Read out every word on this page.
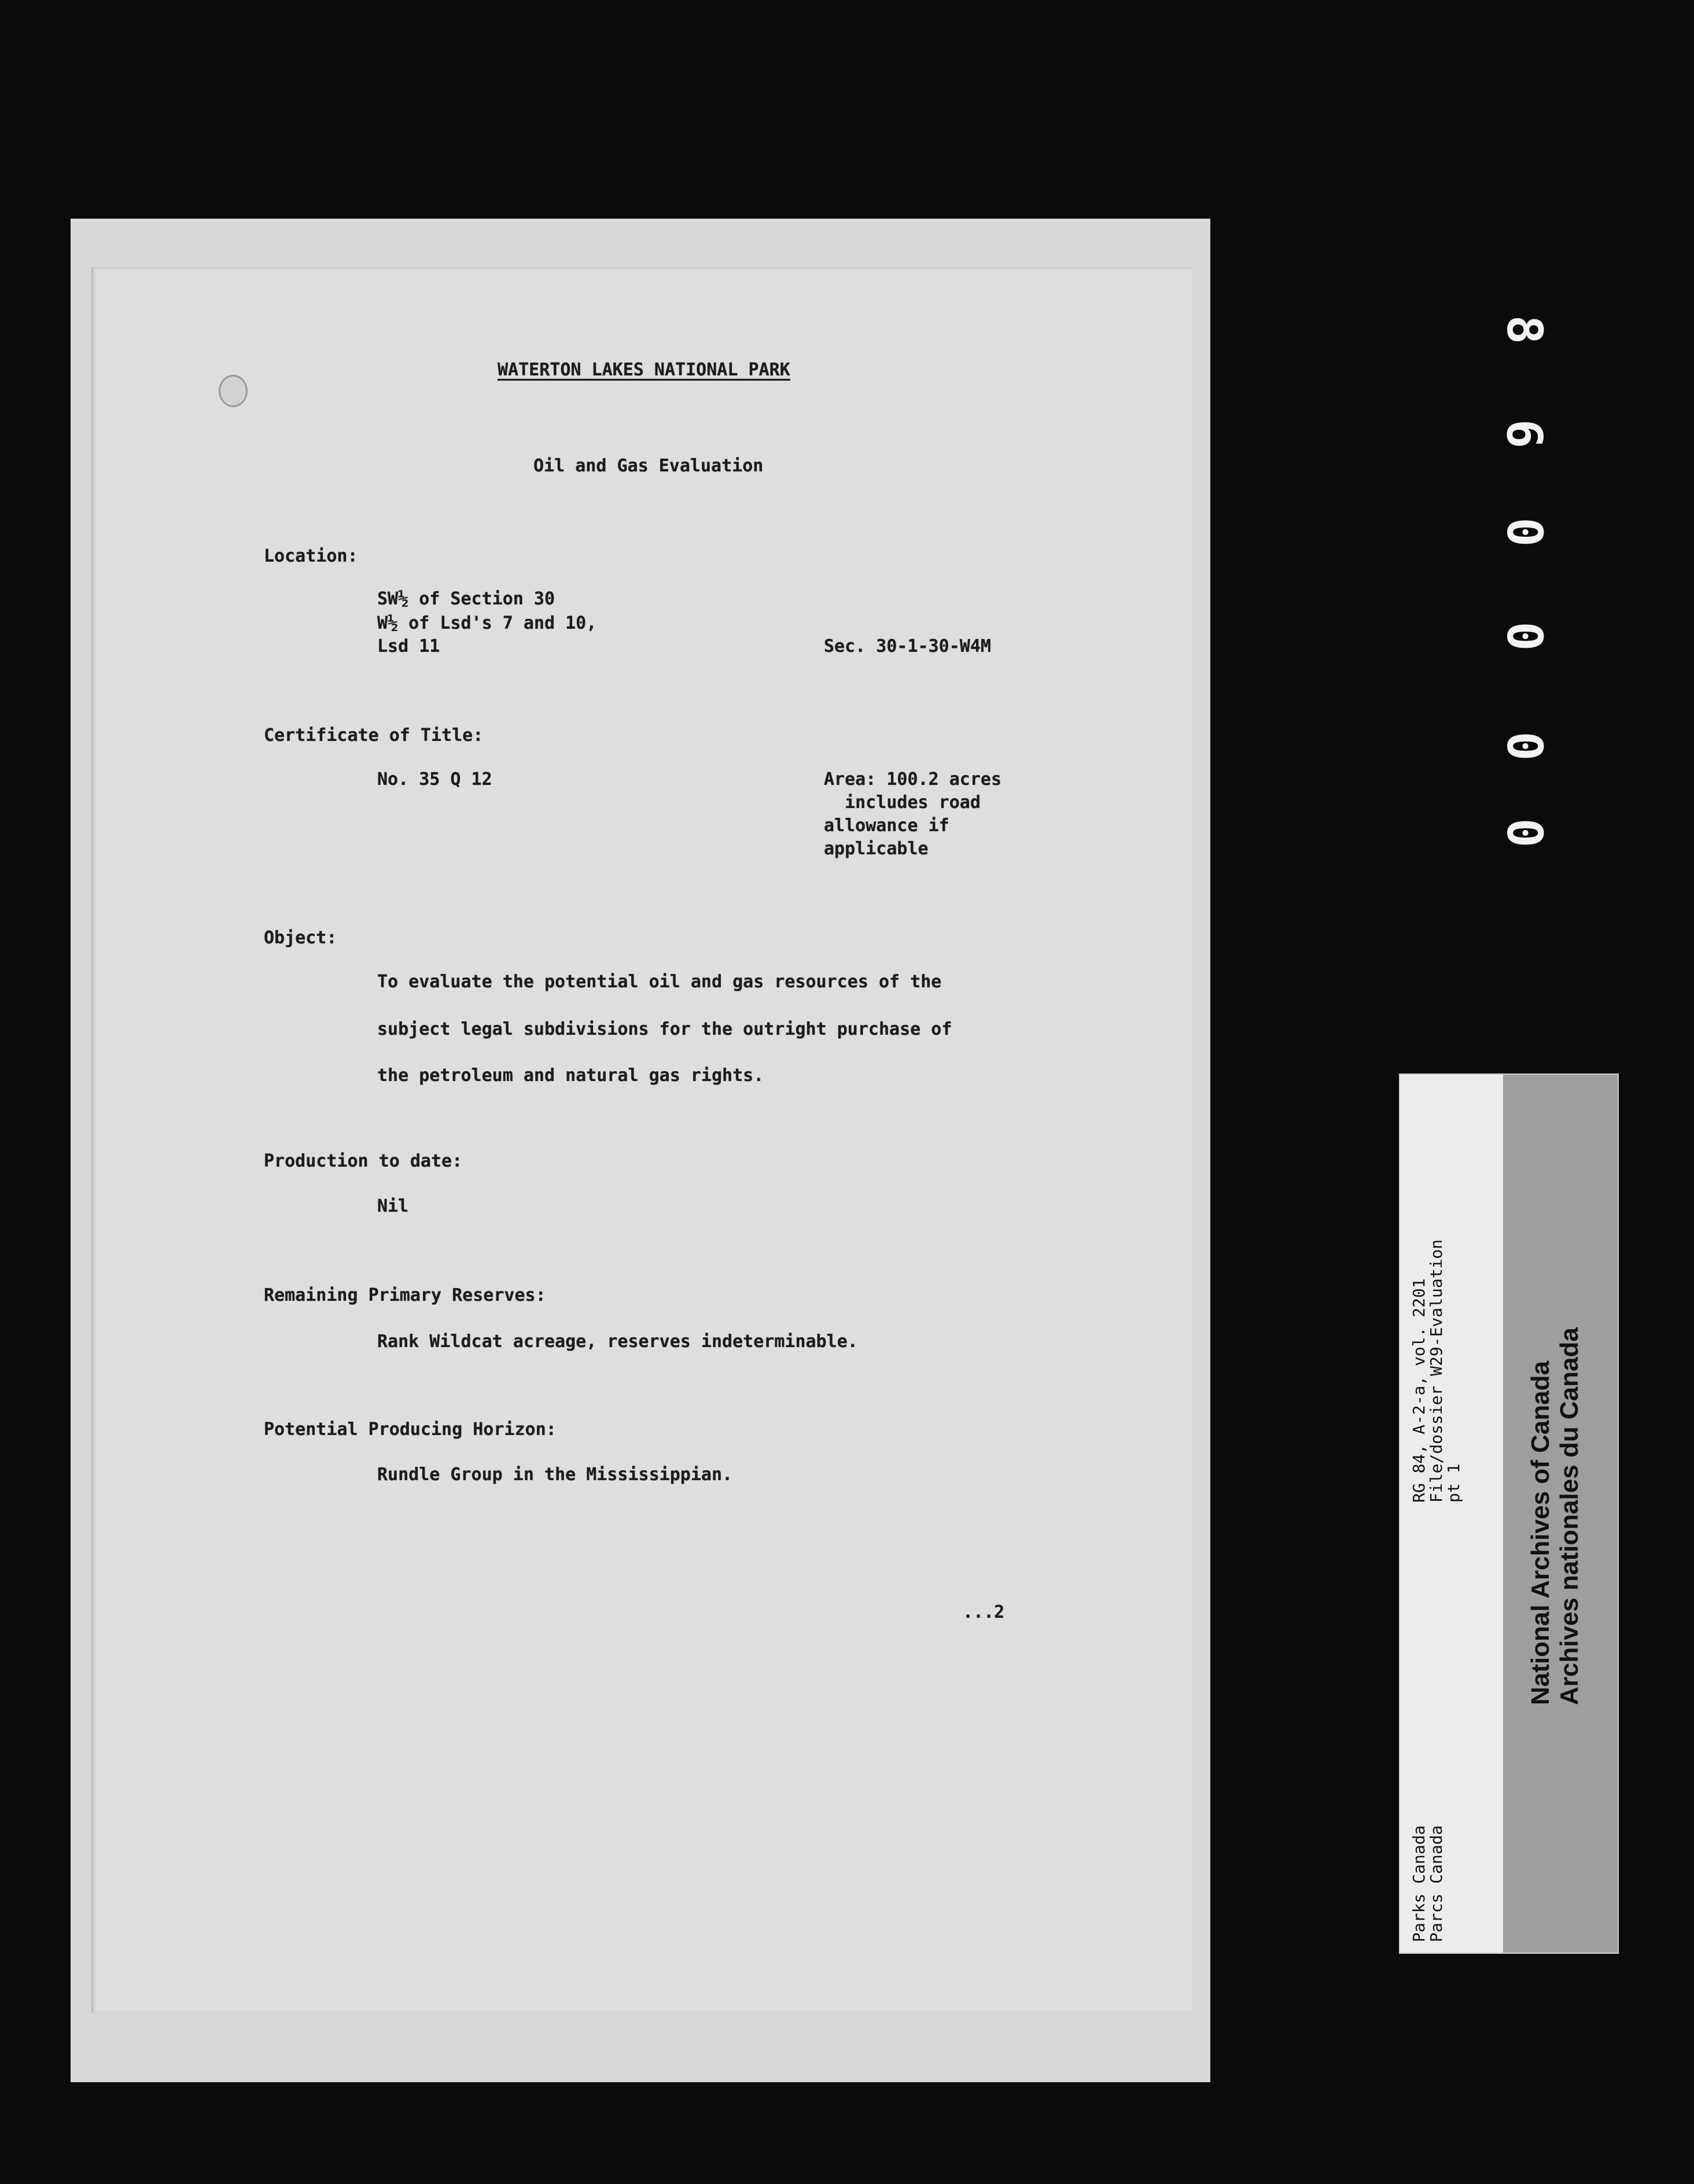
WATERTON LAKES NATIONAL PARK
Oil and Gas Evaluation
Location:
SW½ of Section 30
W½ of Lsd's 7 and 10,
Lsd 11	Sec. 30-1-30-W4M
Certificate of Title:
No. 35 Q 12	Area: 100.2 acres
includes road
allowance if
applicable
Object:
To evaluate the potential oil and gas resources of the
subject legal subdivisions for the outright purchase of
the petroleum and natural gas rights.
Production to date:
Nil
Remaining Primary Reserves:
Rank Wildcat acreage, reserves indeterminable.
Potential Producing Horizon:
Rundle Group in the Mississippian.
...2
8
6
0
0
0
0
RG 84, A-2-a, vol. 2201
File/dossier W29-Evaluation
pt 1
Parks Canada
Parcs Canada
National Archives of Canada Archives nationales du Canada
